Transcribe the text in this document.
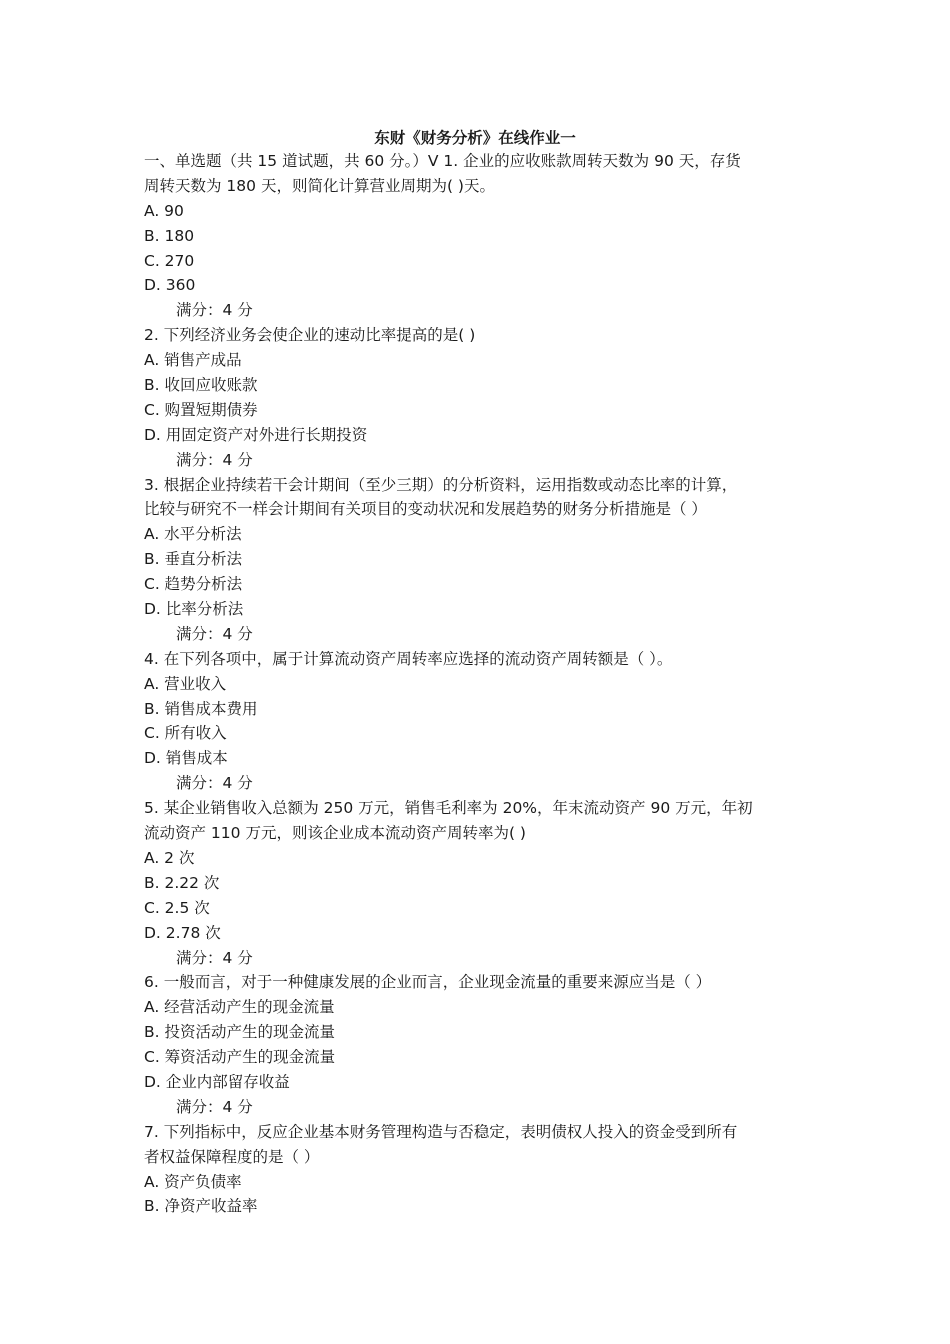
东财《财务分析》在线作业一
一、单选题（共 15 道试题，共 60 分。）V 1. 企业的应收账款周转天数为 90 天，存货
周转天数为 180 天，则简化计算营业周期为( )天。
A. 90
B. 180
C. 270
D. 360
满分：4 分
2. 下列经济业务会使企业的速动比率提高的是( )
A. 销售产成品
B. 收回应收账款
C. 购置短期债券
D. 用固定资产对外进行长期投资
满分：4 分
3. 根据企业持续若干会计期间（至少三期）的分析资料，运用指数或动态比率的计算，
比较与研究不一样会计期间有关项目的变动状况和发展趋势的财务分析措施是（ ）
A. 水平分析法
B. 垂直分析法
C. 趋势分析法
D. 比率分析法
满分：4 分
4. 在下列各项中，属于计算流动资产周转率应选择的流动资产周转额是（ ）。
A. 营业收入
B. 销售成本费用
C. 所有收入
D. 销售成本
满分：4 分
5. 某企业销售收入总额为 250 万元，销售毛利率为 20%，年末流动资产 90 万元，年初
流动资产 110 万元，则该企业成本流动资产周转率为( )
A. 2 次
B. 2.22 次
C. 2.5 次
D. 2.78 次
满分：4 分
6. 一般而言，对于一种健康发展的企业而言，企业现金流量的重要来源应当是（ ）
A. 经营活动产生的现金流量
B. 投资活动产生的现金流量
C. 筹资活动产生的现金流量
D. 企业内部留存收益
满分：4 分
7. 下列指标中，反应企业基本财务管理构造与否稳定，表明债权人投入的资金受到所有
者权益保障程度的是（ ）
A. 资产负债率
B. 净资产收益率
